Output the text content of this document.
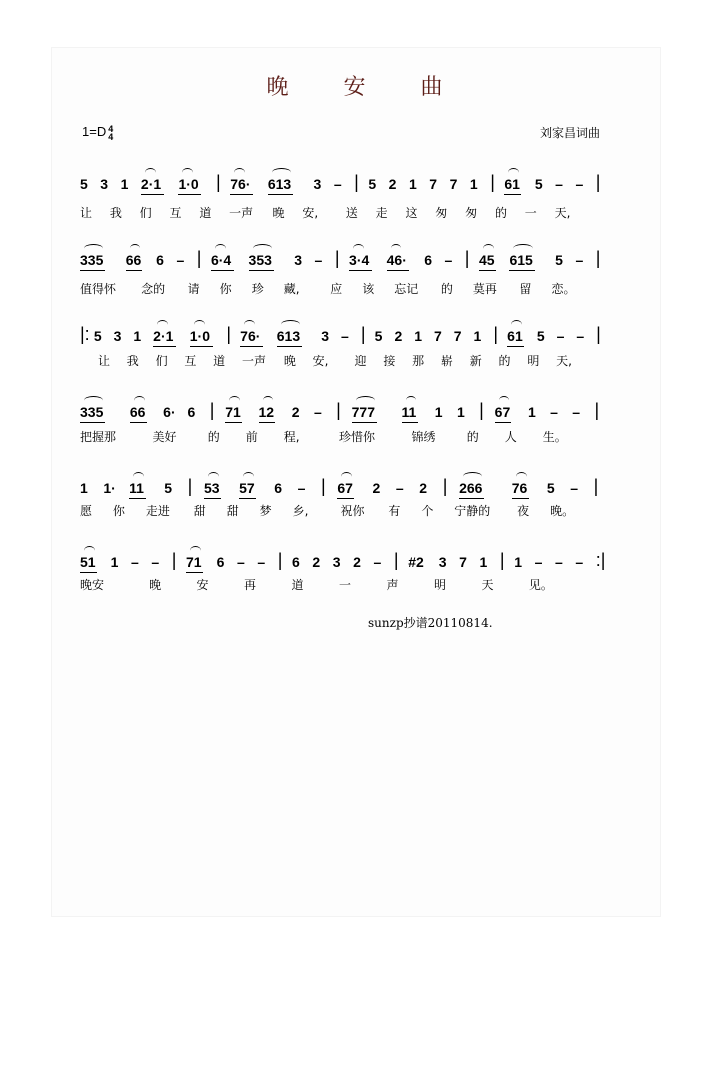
晚 安 曲
1=D 4
4	刘家昌词曲
5 3 1 2·1 1·0 | 76· 613 3 – | 5 2 1 7 7 1 | 61 5 – – |
让 我 们 互 道 一声 晚 安, 送 走 这 匆 匆 的 一 天,
335 66 6 – | 6·4 353 3 – | 3·4 46· 6 – | 45 615 5 – |
值得怀 念的 请 你 珍 藏,	应 该 忘记 的 莫再 留 恋。
|: 5 3 1 2·1 1·0 | 76· 613 3 – | 5 2 1 7 7 1 | 61 5 – – |
让 我 们 互 道 一声 晚 安, 迎 接 那 崭 新 的 明 天,
335 66 6· 6 | 71 12 2 – | 777 11 1 1 | 67 1 – – |
把握那	美好	的 前 程,	珍惜你	锦绣	的 人 生。
1 1· 11 5 | 53 57 6 – | 67 2 – 2 | 266 76 5 – |
愿 你 走进 甜 甜 梦 乡,	祝你 有 个 宁静的 夜 晚。
51 1 – – | 71 6 – – | 6 2 3 2 – | #2 3 7 1 | 1 – – – :|
晚安	晚	安	再	道	一	声	明	天	见。
sunzp抄谱20110814.
